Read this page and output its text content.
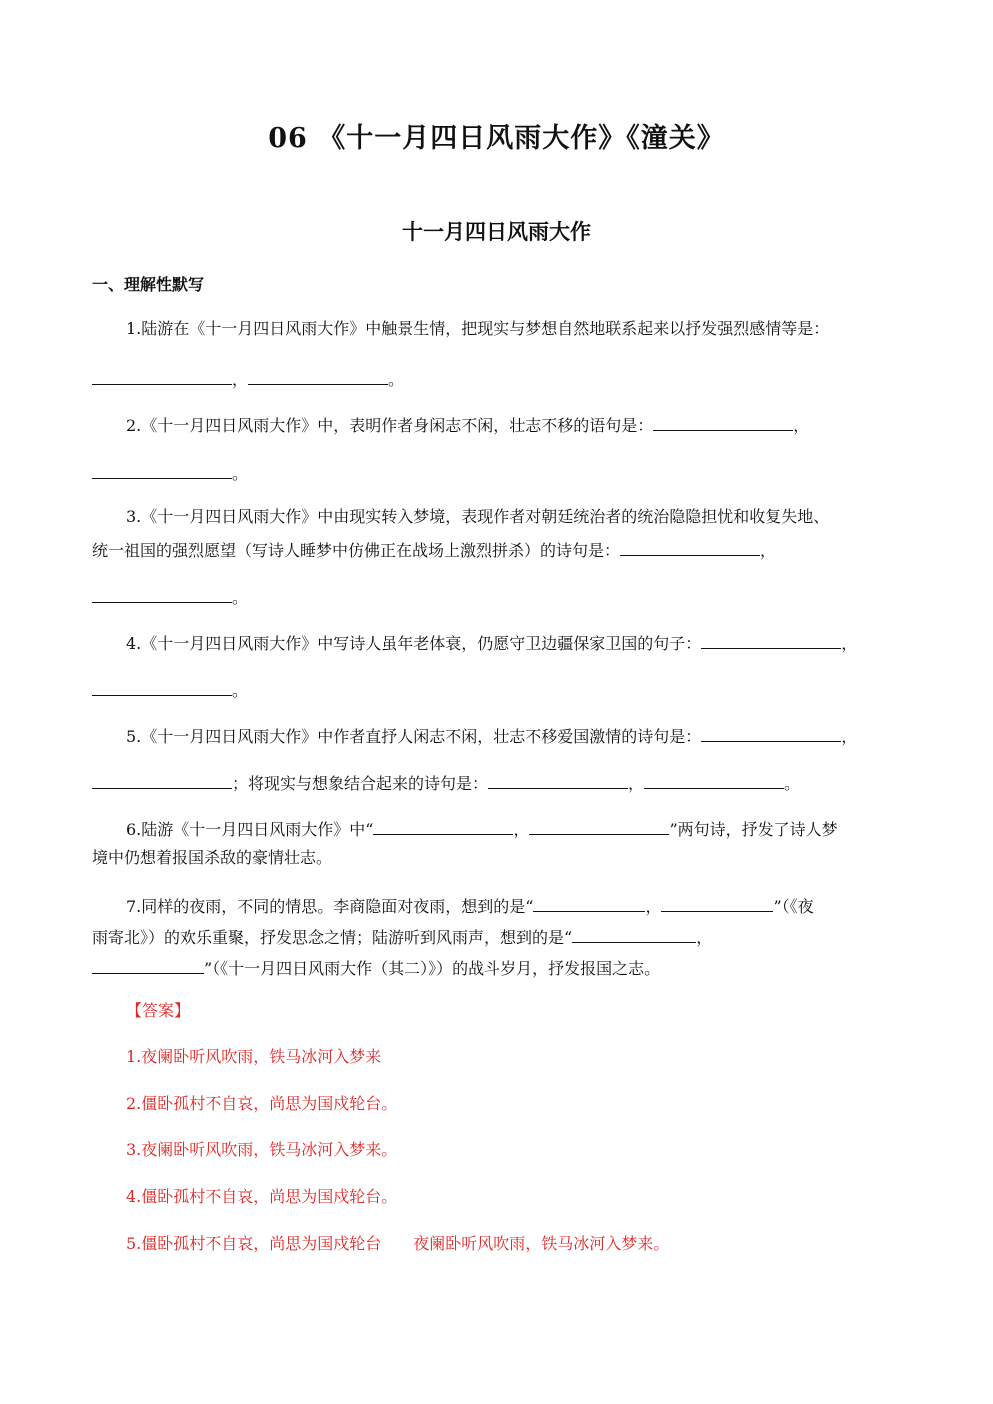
06 《十一月四日风雨大作》《潼关》
十一月四日风雨大作
一、理解性默写
1.陆游在《十一月四日风雨大作》中触景生情，把现实与梦想自然地联系起来以抒发强烈感情等是：
，	。
2.《十一月四日风雨大作》中，表明作者身闲志不闲，壮志不移的语句是：	，
。
3.《十一月四日风雨大作》中由现实转入梦境，表现作者对朝廷统治者的统治隐隐担忧和收复失地、
统一祖国的强烈愿望（写诗人睡梦中仿佛正在战场上激烈拼杀）的诗句是：	，
。
4.《十一月四日风雨大作》中写诗人虽年老体衰，仍愿守卫边疆保家卫国的句子：	，
。
5.《十一月四日风雨大作》中作者直抒人闲志不闲，壮志不移爱国激情的诗句是：	，
；将现实与想象结合起来的诗句是：	，	。
6.陆游《十一月四日风雨大作》中“	，	”两句诗，抒发了诗人梦
境中仍想着报国杀敌的豪情壮志。
7.同样的夜雨，不同的情思。李商隐面对夜雨，想到的是“	，	”（《夜
雨寄北》）的欢乐重聚，抒发思念之情；陆游听到风雨声，想到的是“	，
”（《十一月四日风雨大作（其二）》）的战斗岁月，抒发报国之志。
【答案】
1.夜阑卧听风吹雨，铁马冰河入梦来
2.僵卧孤村不自哀，尚思为国戍轮台。
3.夜阑卧听风吹雨，铁马冰河入梦来。
4.僵卧孤村不自哀，尚思为国戍轮台。
5.僵卧孤村不自哀，尚思为国戍轮台　　夜阑卧听风吹雨，铁马冰河入梦来。
